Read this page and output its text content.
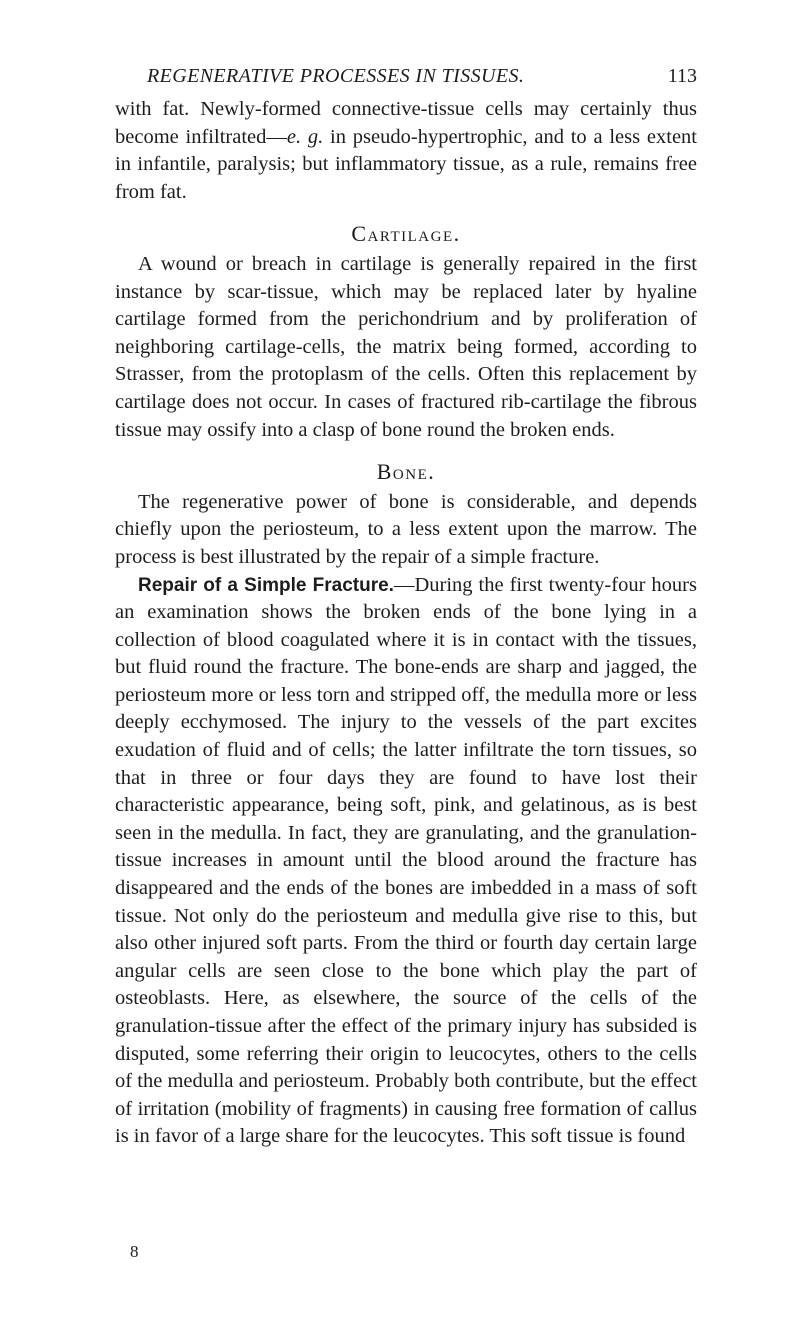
REGENERATIVE PROCESSES IN TISSUES.	113

with fat. Newly-formed connective-tissue cells may certainly thus become infiltrated—e. g. in pseudo-hypertrophic, and to a less extent in infantile, paralysis; but inflammatory tissue, as a rule, remains free from fat.

Cartilage.

A wound or breach in cartilage is generally repaired in the first instance by scar-tissue, which may be replaced later by hyaline cartilage formed from the perichondrium and by proliferation of neighboring cartilage-cells, the matrix being formed, according to Strasser, from the protoplasm of the cells. Often this replacement by cartilage does not occur. In cases of fractured rib-cartilage the fibrous tissue may ossify into a clasp of bone round the broken ends.

Bone.

The regenerative power of bone is considerable, and depends chiefly upon the periosteum, to a less extent upon the marrow. The process is best illustrated by the repair of a simple fracture.

Repair of a Simple Fracture.—During the first twenty-four hours an examination shows the broken ends of the bone lying in a collection of blood coagulated where it is in contact with the tissues, but fluid round the fracture. The bone-ends are sharp and jagged, the periosteum more or less torn and stripped off, the medulla more or less deeply ecchymosed. The injury to the vessels of the part excites exudation of fluid and of cells; the latter infiltrate the torn tissues, so that in three or four days they are found to have lost their characteristic appearance, being soft, pink, and gelatinous, as is best seen in the medulla. In fact, they are granulating, and the granulation-tissue increases in amount until the blood around the fracture has disappeared and the ends of the bones are imbedded in a mass of soft tissue. Not only do the periosteum and medulla give rise to this, but also other injured soft parts. From the third or fourth day certain large angular cells are seen close to the bone which play the part of osteoblasts. Here, as elsewhere, the source of the cells of the granulation-tissue after the effect of the primary injury has subsided is disputed, some referring their origin to leucocytes, others to the cells of the medulla and periosteum. Probably both contribute, but the effect of irritation (mobility of fragments) in causing free formation of callus is in favor of a large share for the leucocytes. This soft tissue is found

8
